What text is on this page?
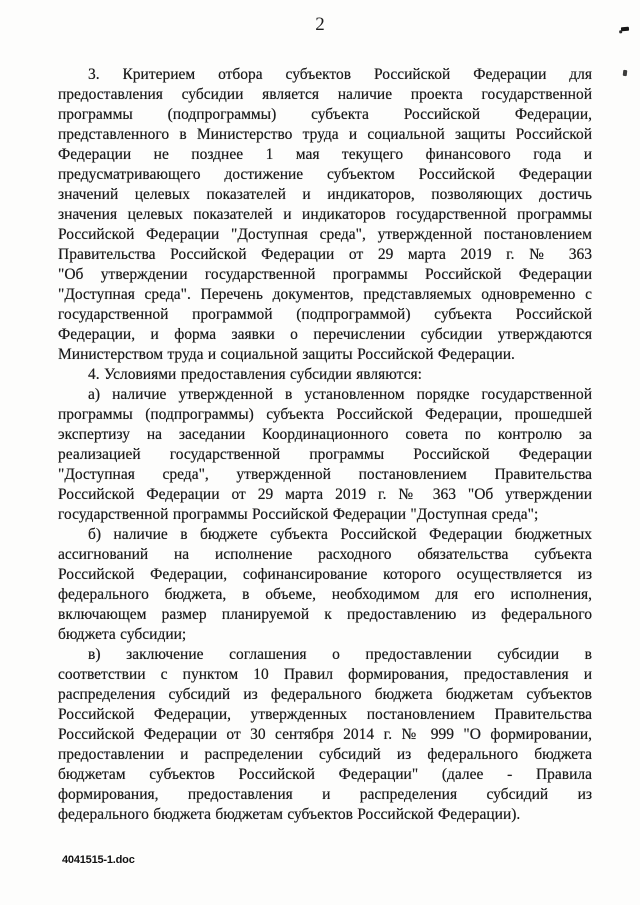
2
3. Критерием отбора субъектов Российской Федерации для
предоставления субсидии является наличие проекта государственной
программы (подпрограммы) субъекта Российской Федерации,
представленного в Министерство труда и социальной защиты Российской
Федерации не позднее 1 мая текущего финансового года и
предусматривающего достижение субъектом Российской Федерации
значений целевых показателей и индикаторов, позволяющих достичь
значения целевых показателей и индикаторов государственной программы
Российской Федерации "Доступная среда", утвержденной постановлением
Правительства Российской Федерации от 29 марта 2019 г. № 363
"Об утверждении государственной программы Российской Федерации
"Доступная среда". Перечень документов, представляемых одновременно с
государственной программой (подпрограммой) субъекта Российской
Федерации, и форма заявки о перечислении субсидии утверждаются
Министерством труда и социальной защиты Российской Федерации.
4. Условиями предоставления субсидии являются:
а) наличие утвержденной в установленном порядке государственной
программы (подпрограммы) субъекта Российской Федерации, прошедшей
экспертизу на заседании Координационного совета по контролю за
реализацией государственной программы Российской Федерации
"Доступная среда", утвержденной постановлением Правительства
Российской Федерации от 29 марта 2019 г. № 363 "Об утверждении
государственной программы Российской Федерации "Доступная среда";
б) наличие в бюджете субъекта Российской Федерации бюджетных
ассигнований на исполнение расходного обязательства субъекта
Российской Федерации, софинансирование которого осуществляется из
федерального бюджета, в объеме, необходимом для его исполнения,
включающем размер планируемой к предоставлению из федерального
бюджета субсидии;
в) заключение соглашения о предоставлении субсидии в
соответствии с пунктом 10 Правил формирования, предоставления и
распределения субсидий из федерального бюджета бюджетам субъектов
Российской Федерации, утвержденных постановлением Правительства
Российской Федерации от 30 сентября 2014 г. № 999 "О формировании,
предоставлении и распределении субсидий из федерального бюджета
бюджетам субъектов Российской Федерации" (далее - Правила
формирования, предоставления и распределения субсидий из
федерального бюджета бюджетам субъектов Российской Федерации).
4041515-1.doc
